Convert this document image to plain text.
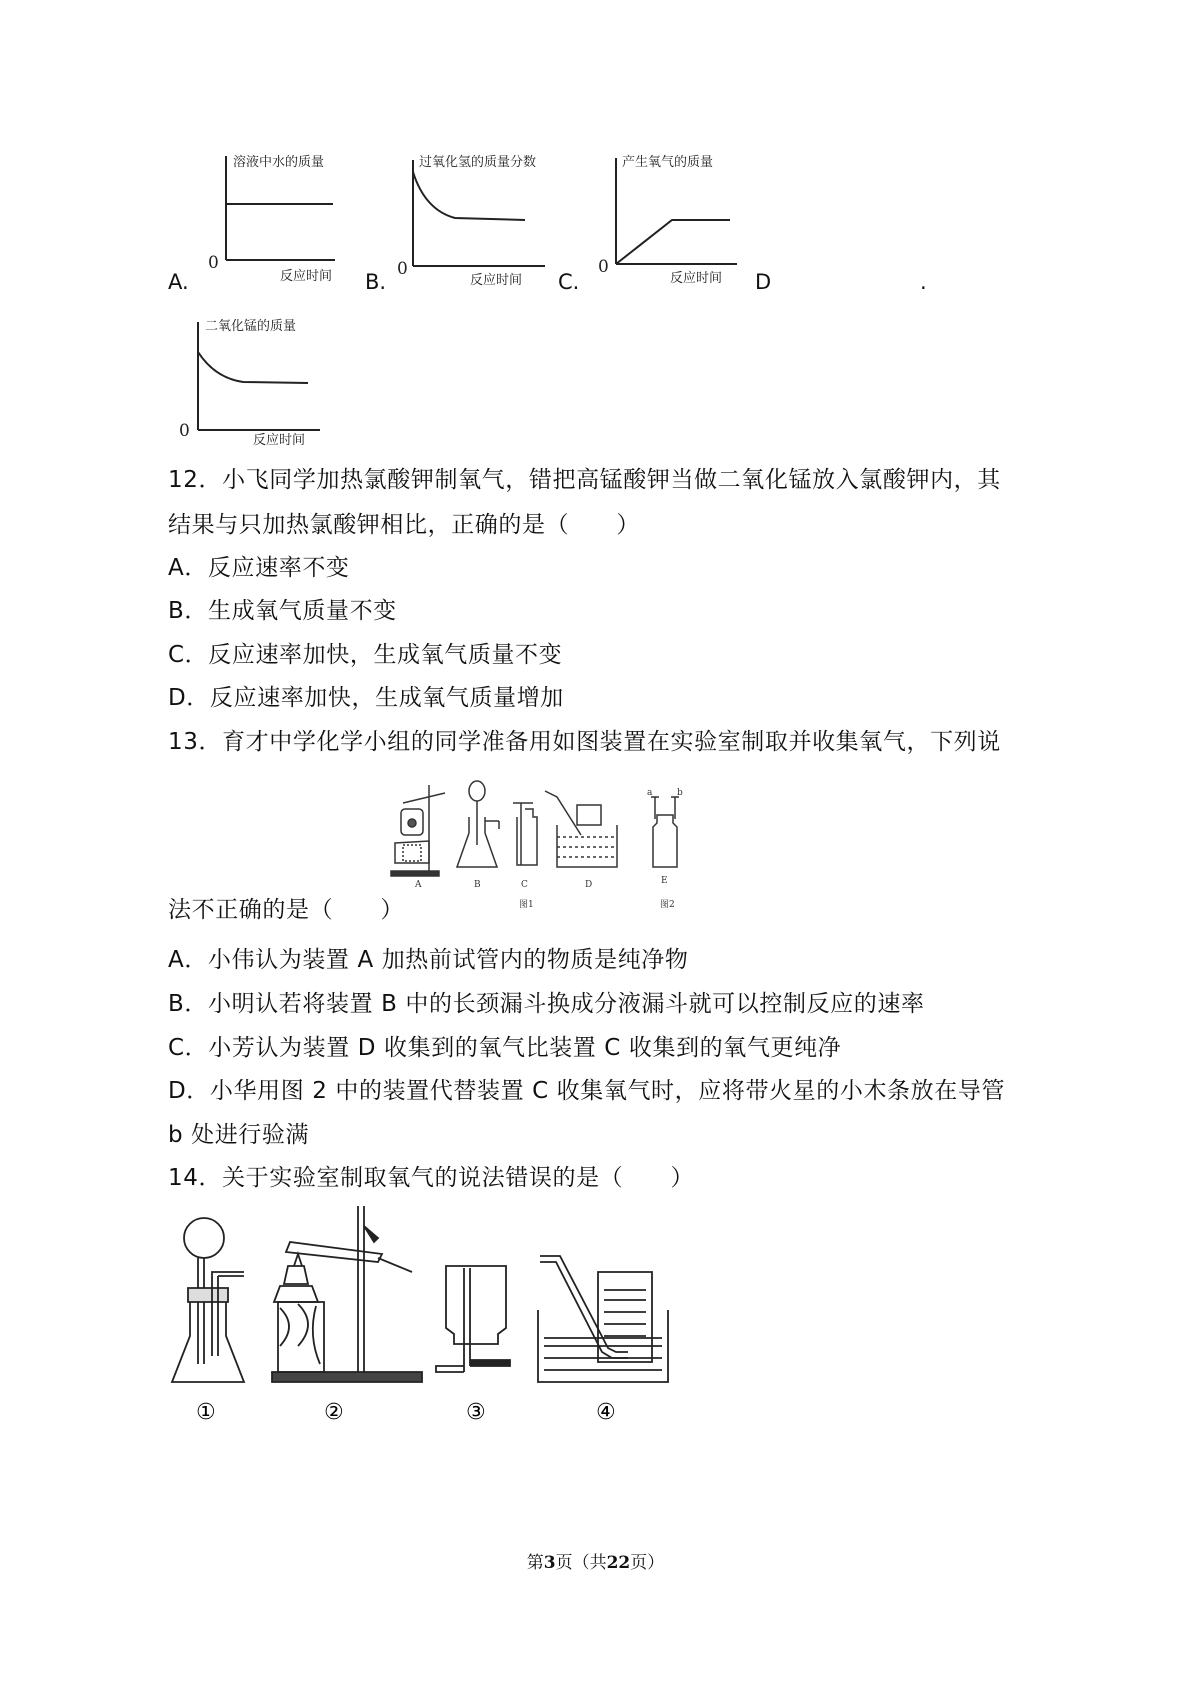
A.	B.	C.	D	.
溶液中水的质量
反应时间
0
过氧化氢的质量分数
反应时间
0
产生氧气的质量
反应时间
0
二氧化锰的质量
反应时间
0
12．小飞同学加热氯酸钾制氧气，错把高锰酸钾当做二氧化锰放入氯酸钾内，其
结果与只加热氯酸钾相比，正确的是（　　）
A．反应速率不变
B．生成氧气质量不变
C．反应速率加快，生成氧气质量不变
D．反应速率加快，生成氧气质量增加
13．育才中学化学小组的同学准备用如图装置在实验室制取并收集氧气，下列说
a	b
A	B	C	D	E
图1	图2
法不正确的是（　　）
A．小伟认为装置 A 加热前试管内的物质是纯净物
B．小明认若将装置 B 中的长颈漏斗换成分液漏斗就可以控制反应的速率
C．小芳认为装置 D 收集到的氧气比装置 C 收集到的氧气更纯净
D．小华用图 2 中的装置代替装置 C 收集氧气时，应将带火星的小木条放在导管
b 处进行验满
14．关于实验室制取氧气的说法错误的是（　　）
①	②	③	④
第3页（共22页）
